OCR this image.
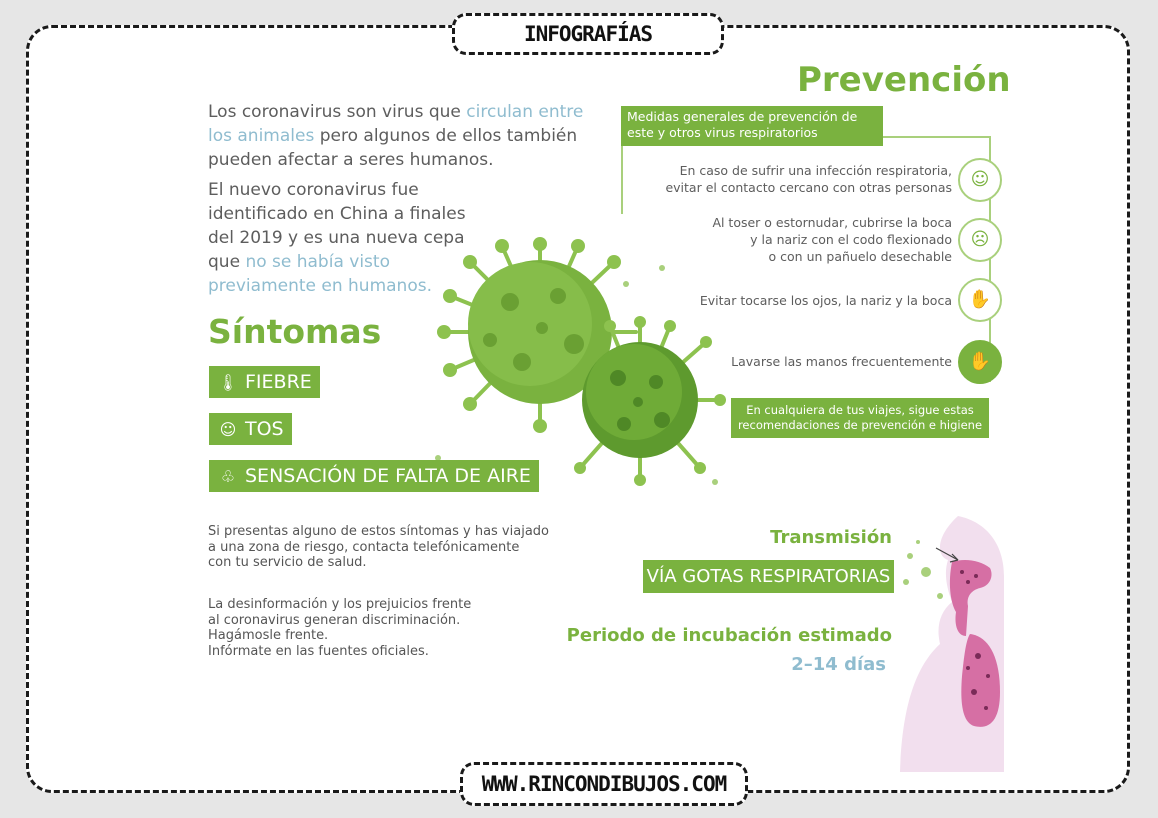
INFOGRAFÍAS
WWW.RINCONDIBUJOS.COM

Los coronavirus son virus que circulan entre los animales pero algunos de ellos también pueden afectar a seres humanos.

El nuevo coronavirus fue identificado en China a finales del 2019 y es una nueva cepa que no se había visto previamente en humanos.

Síntomas
🌡 FIEBRE
☺ TOS
♧ SENSACIÓN DE FALTA DE AIRE

Si presentas alguno de estos síntomas y has viajado
a una zona de riesgo, contacta telefónicamente
con tu servicio de salud.

La desinformación y los prejuicios frente
al coronavirus generan discriminación.
Hagámosle frente.
Infórmate en las fuentes oficiales.

Prevención
Medidas generales de prevención de este y otros virus respiratorios
En caso de sufrir una infección respiratoria,
evitar el contacto cercano con otras personas	☺
Al toser o estornudar, cubrirse la boca
y la nariz con el codo flexionado
o con un pañuelo desechable
☹
Evitar tocarse los ojos, la nariz y la boca ✋
Lavarse las manos frecuentemente ✋
En cualquiera de tus viajes, sigue estas recomendaciones de prevención e higiene
Transmisión
VÍA GOTAS RESPIRATORIAS
Periodo de incubación estimado
2–14 días
